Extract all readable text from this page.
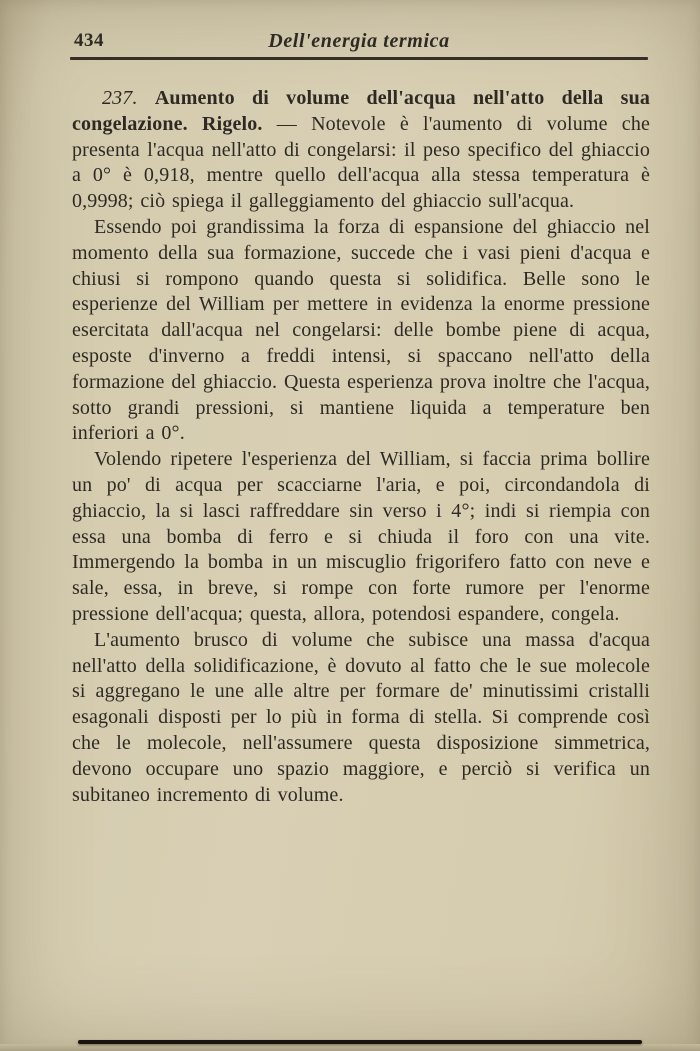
434	Dell'energia termica

237. Aumento di volume dell'acqua nell'atto della sua congelazione. Rigelo. — Notevole è l'aumento di volume che presenta l'acqua nell'atto di congelarsi: il peso specifico del ghiaccio a 0° è 0,918, mentre quello dell'acqua alla stessa temperatura è 0,9998; ciò spiega il galleggiamento del ghiaccio sull'acqua.

Essendo poi grandissima la forza di espansione del ghiaccio nel momento della sua formazione, succede che i vasi pieni d'acqua e chiusi si rompono quando questa si solidifica. Belle sono le esperienze del William per mettere in evidenza la enorme pressione esercitata dall'acqua nel congelarsi: delle bombe piene di acqua, esposte d'inverno a freddi intensi, si spaccano nell'atto della formazione del ghiaccio. Questa esperienza prova inoltre che l'acqua, sotto grandi pressioni, si mantiene liquida a temperature ben inferiori a 0°.

Volendo ripetere l'esperienza del William, si faccia prima bollire un po' di acqua per scacciarne l'aria, e poi, circondandola di ghiaccio, la si lasci raffreddare sin verso i 4°; indi si riempia con essa una bomba di ferro e si chiuda il foro con una vite. Immergendo la bomba in un miscuglio frigorifero fatto con neve e sale, essa, in breve, si rompe con forte rumore per l'enorme pressione dell'acqua; questa, allora, potendosi espandere, congela.

L'aumento brusco di volume che subisce una massa d'acqua nell'atto della solidificazione, è dovuto al fatto che le sue molecole si aggregano le une alle altre per formare de' minutissimi cristalli esagonali disposti per lo più in forma di stella. Si comprende così che le molecole, nell'assumere questa disposizione simmetrica, devono occupare uno spazio maggiore, e perciò si verifica un subitaneo incremento di volume.
